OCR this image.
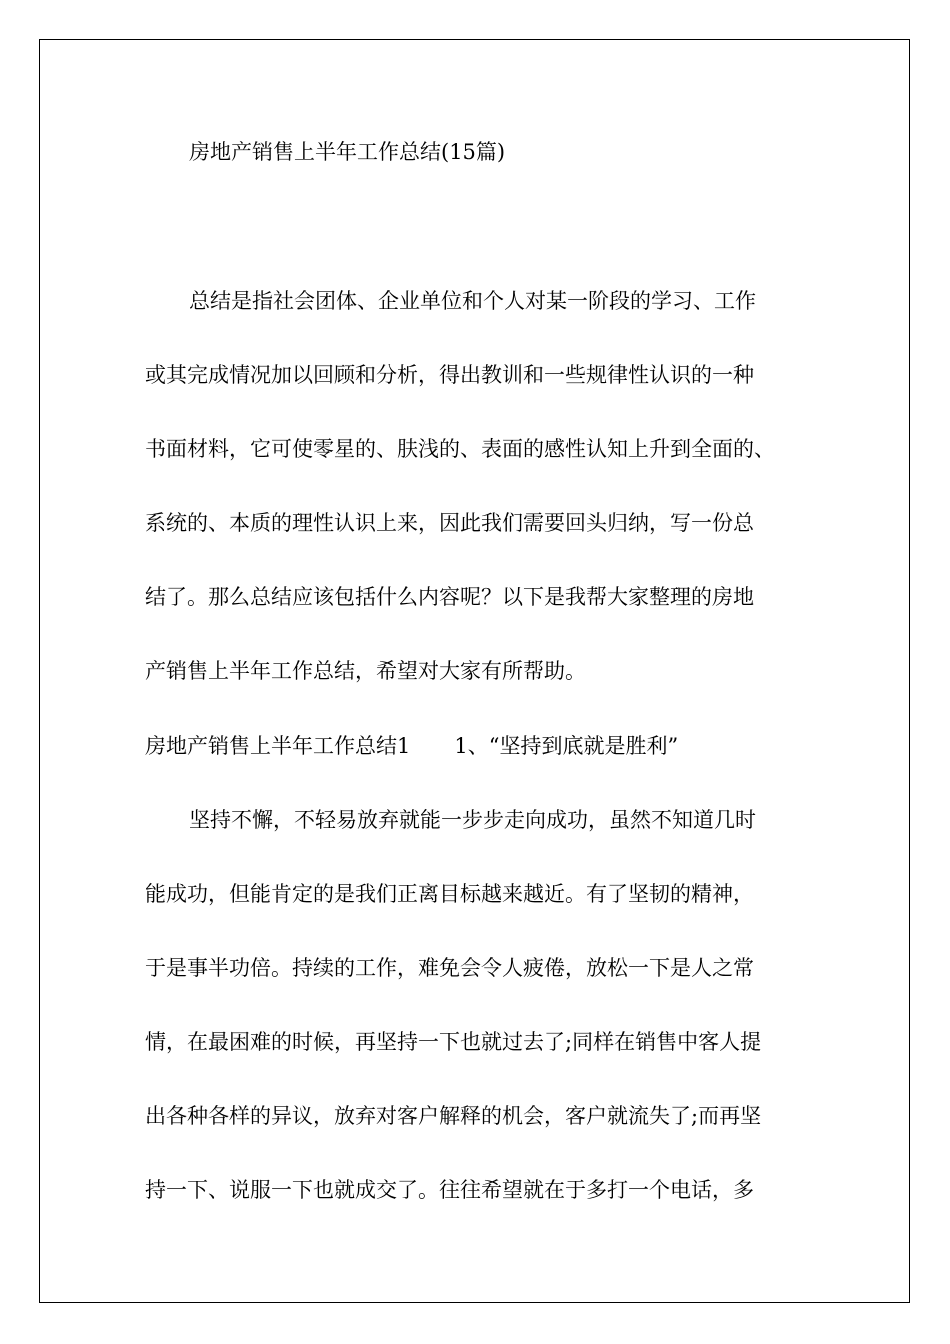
房地产销售上半年工作总结(15篇)
总结是指社会团体、企业单位和个人对某一阶段的学习、工作
或其完成情况加以回顾和分析，得出教训和一些规律性认识的一种
书面材料，它可使零星的、肤浅的、表面的感性认知上升到全面的、
系统的、本质的理性认识上来，因此我们需要回头归纳，写一份总
结了。那么总结应该包括什么内容呢？以下是我帮大家整理的房地
产销售上半年工作总结，希望对大家有所帮助。
房地产销售上半年工作总结1 1、“坚持到底就是胜利”
坚持不懈，不轻易放弃就能一步步走向成功，虽然不知道几时
能成功，但能肯定的是我们正离目标越来越近。有了坚韧的精神，
于是事半功倍。持续的工作，难免会令人疲倦，放松一下是人之常
情，在最困难的时候，再坚持一下也就过去了;同样在销售中客人提
出各种各样的异议，放弃对客户解释的机会，客户就流失了;而再坚
持一下、说服一下也就成交了。往往希望就在于多打一个电话，多
